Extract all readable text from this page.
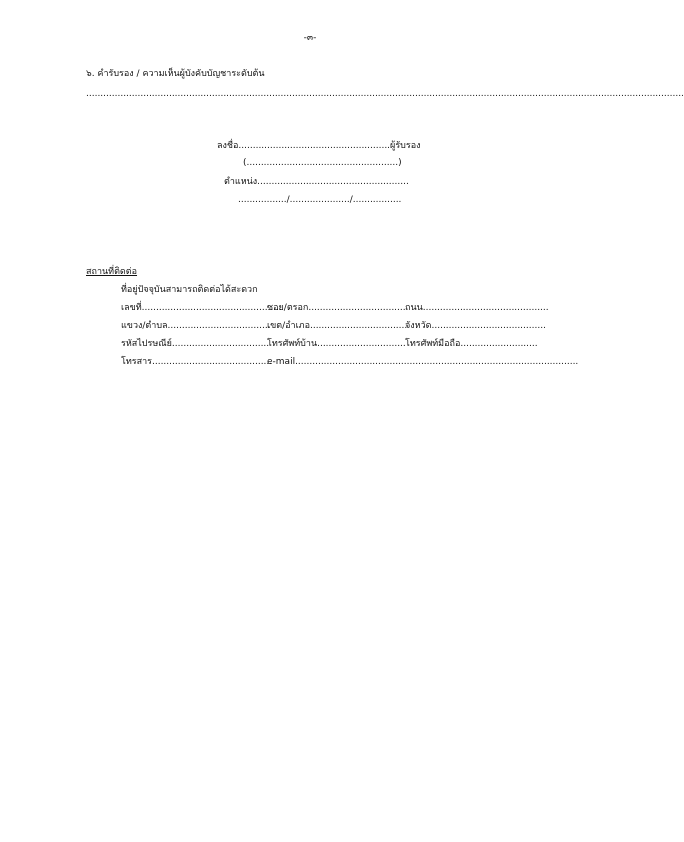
-๓-
๖. คำรับรอง / ความเห็นผู้บังคับบัญชาระดับต้น
.................................................................................................................................................................................................................
ลงชื่อ.....................................................ผู้รับรอง
(.....................................................)
ตำแหน่ง.....................................................
................./...................../.................
สถานที่ติดต่อ
ที่อยู่ปัจจุบันสามารถติดต่อได้สะดวก
เลขที่.................................................
ซอย/ตรอก.................................. ถนน............................................
แขวง/ตำบล....................................
เขต/อำเภอ..................................
จังหวัด........................................
รหัสไปรษณีย์..................................
โทรศัพท์บ้าน............................... โทรศัพท์มือถือ...........................
โทรสาร..........................................
e-mail...................................................................................................
